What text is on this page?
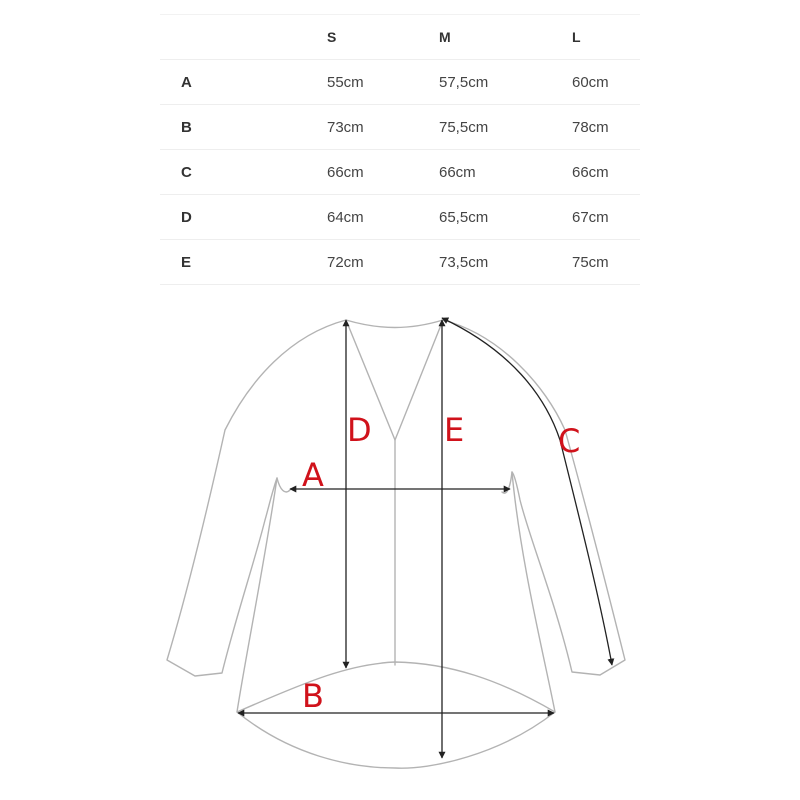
	S	M	L
A	55cm	57,5cm	60cm
B	73cm	75,5cm	78cm
C	66cm	66cm	66cm
D	64cm	65,5cm	67cm
E	72cm	73,5cm	75cm
A
B
C
D E
